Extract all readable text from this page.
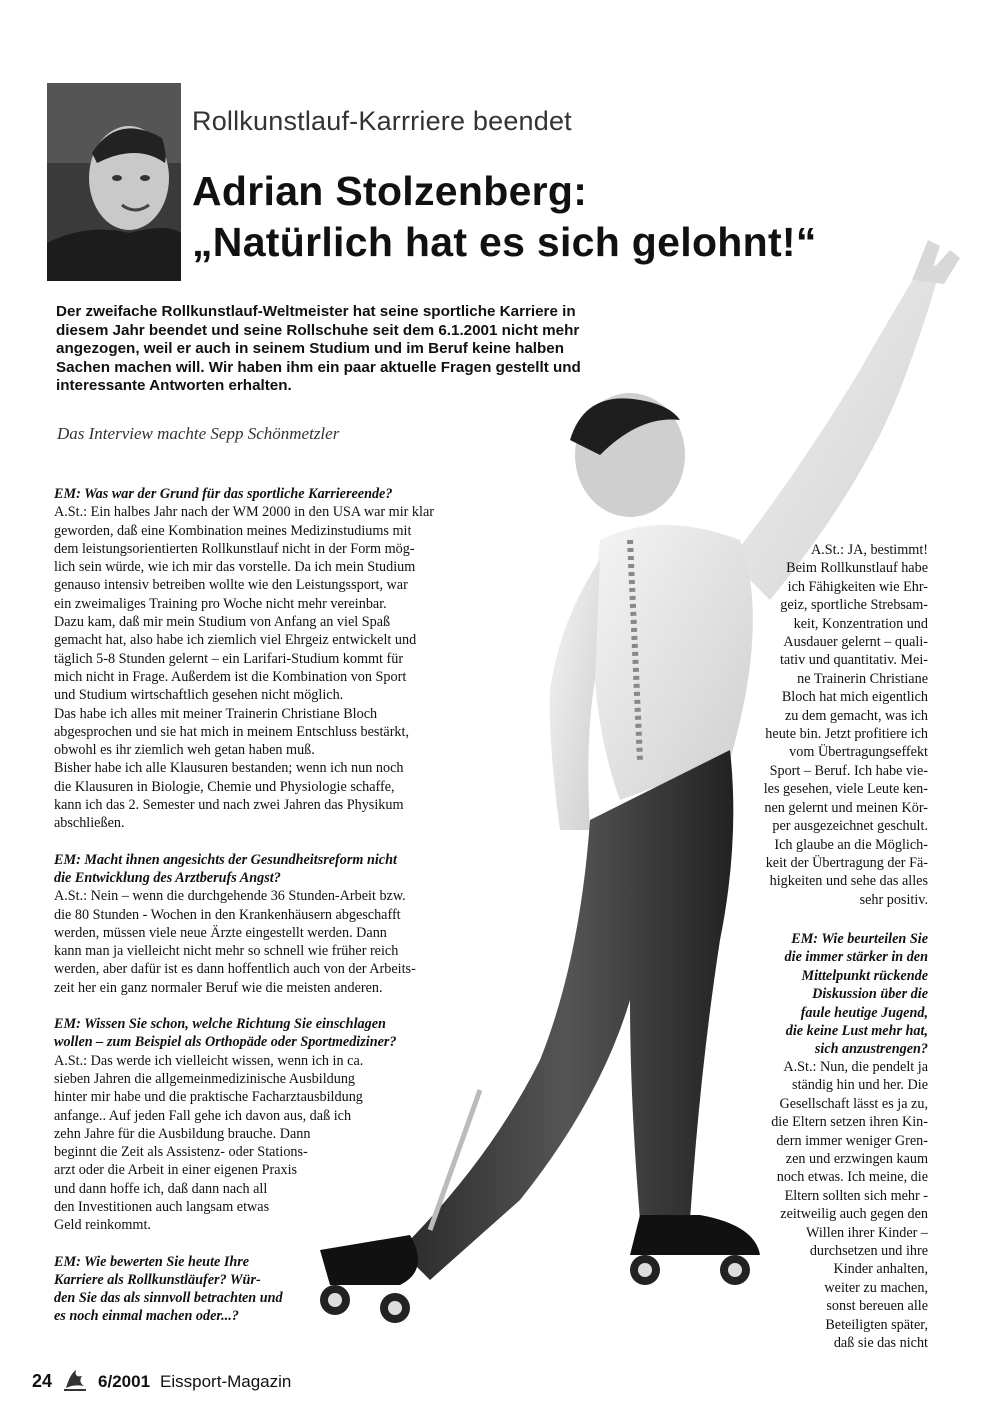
Rollkunstlauf-Karrriere beendet
Adrian Stolzenberg:
„Natürlich hat es sich gelohnt!“
Der zweifache Rollkunstlauf-Weltmeister hat seine sportliche Karriere in diesem Jahr beendet und seine Rollschuhe seit dem 6.1.2001 nicht mehr angezogen, weil er auch in seinem Studium und im Beruf keine halben Sachen machen will. Wir haben ihm ein paar aktuelle Fragen gestellt und interessante Antworten erhalten.
Das Interview machte Sepp Schönmetzler
EM: Was war der Grund für das sportliche Karriereende?
A.St.: Ein halbes Jahr nach der WM 2000 in den USA war mir klar
geworden, daß eine Kombination meines Medizinstudiums mit
dem leistungsorientierten Rollkunstlauf nicht in der Form mög-
lich sein würde, wie ich mir das vorstelle. Da ich mein Studium
genauso intensiv betreiben wollte wie den Leistungssport, war
ein zweimaliges Training pro Woche nicht mehr vereinbar.
Dazu kam, daß mir mein Studium von Anfang an viel Spaß
gemacht hat, also habe ich ziemlich viel Ehrgeiz entwickelt und
täglich 5-8 Stunden gelernt – ein Larifari-Studium kommt für
mich nicht in Frage. Außerdem ist die Kombination von Sport
und Studium wirtschaftlich gesehen nicht möglich.
Das habe ich alles mit meiner Trainerin Christiane Bloch
abgesprochen und sie hat mich in meinem Entschluss bestärkt,
obwohl es ihr ziemlich weh getan haben muß.
Bisher habe ich alle Klausuren bestanden; wenn ich nun noch
die Klausuren in Biologie, Chemie und Physiologie schaffe,
kann ich das 2. Semester und nach zwei Jahren das Physikum
abschließen.
EM: Macht ihnen angesichts der Gesundheitsreform nicht
die Entwicklung des Arztberufs Angst?
A.St.: Nein – wenn die durchgehende 36 Stunden-Arbeit bzw.
die 80 Stunden - Wochen in den Krankenhäusern abgeschafft
werden, müssen viele neue Ärzte eingestellt werden. Dann
kann man ja vielleicht nicht mehr so schnell wie früher reich
werden, aber dafür ist es dann hoffentlich auch von der Arbeits-
zeit her ein ganz normaler Beruf wie die meisten anderen.
EM: Wissen Sie schon, welche Richtung Sie einschlagen
wollen – zum Beispiel als Orthopäde oder Sportmediziner?
A.St.: Das werde ich vielleicht wissen, wenn ich in ca.
sieben Jahren die allgemeinmedizinische Ausbildung
hinter mir habe und die praktische Facharztausbildung
anfange.. Auf jeden Fall gehe ich davon aus, daß ich
zehn Jahre für die Ausbildung brauche. Dann
beginnt die Zeit als Assistenz- oder Stations-
arzt oder die Arbeit in einer eigenen Praxis
und dann hoffe ich, daß dann nach all
den Investitionen auch langsam etwas
Geld reinkommt.
EM: Wie bewerten Sie heute Ihre
Karriere als Rollkunstläufer? Wür-
den Sie das als sinnvoll betrachten und
es noch einmal machen oder...?
A.St.: JA, bestimmt!
Beim Rollkunstlauf habe
ich Fähigkeiten wie Ehr-
geiz, sportliche Strebsam-
keit, Konzentration und
Ausdauer gelernt – quali-
tativ und quantitativ. Mei-
ne Trainerin Christiane
Bloch hat mich eigentlich
zu dem gemacht, was ich
heute bin. Jetzt profitiere ich
vom Übertragungseffekt
Sport – Beruf. Ich habe vie-
les gesehen, viele Leute ken-
nen gelernt und meinen Kör-
per ausgezeichnet geschult.
Ich glaube an die Möglich-
keit der Übertragung der Fä-
higkeiten und sehe das alles
sehr positiv.
EM: Wie beurteilen Sie
die immer stärker in den
Mittelpunkt rückende
Diskussion über die
faule heutige Jugend,
die keine Lust mehr hat,
sich anzustrengen?
A.St.: Nun, die pendelt ja
ständig hin und her. Die
Gesellschaft lässt es ja zu,
die Eltern setzen ihren Kin-
dern immer weniger Gren-
zen und erzwingen kaum
noch etwas. Ich meine, die
Eltern sollten sich mehr -
zeitweilig auch gegen den
Willen ihrer Kinder –
durchsetzen und ihre
Kinder anhalten,
weiter zu machen,
sonst bereuen alle
Beteiligten später,
daß sie das nicht
24	6/2001 Eissport-Magazin
